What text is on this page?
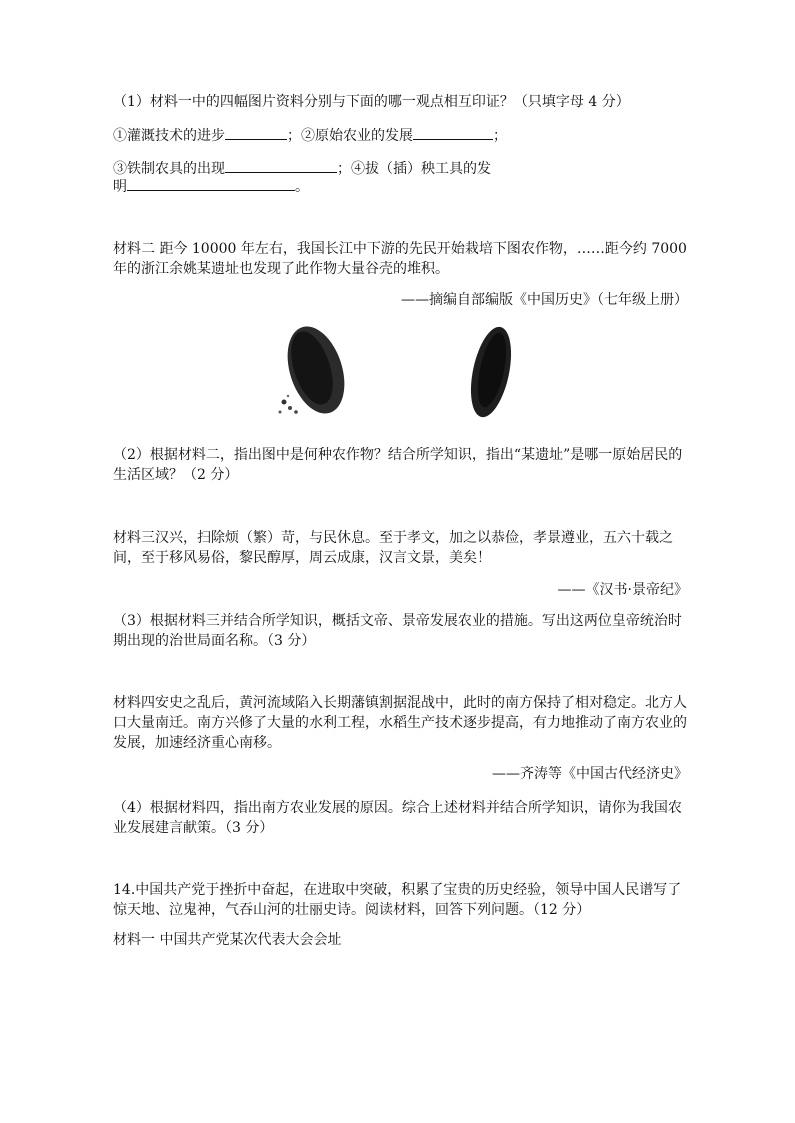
（1）材料一中的四幅图片资料分别与下面的哪一观点相互印证？（只填字母 4 分）
①灌溉技术的进步	；②原始农业的发展	；
③铁制农具的出现	；④拔（插）秧工具的发
明	。
材料二 距今 10000 年左右，我国长江中下游的先民开始栽培下图农作物，……距今约 7000 年的浙江余姚某遗址也发现了此作物大量谷壳的堆积。
——摘编自部编版《中国历史》（七年级上册）
（2）根据材料二，指出图中是何种农作物？结合所学知识，指出“某遗址”是哪一原始居民的生活区域？（2 分）
材料三汉兴，扫除烦（繁）苛，与民休息。至于孝文，加之以恭俭，孝景遵业，五六十载之间，至于移风易俗，黎民醇厚，周云成康，汉言文景，美矣！
——《汉书·景帝纪》
（3）根据材料三并结合所学知识，概括文帝、景帝发展农业的措施。写出这两位皇帝统治时期出现的治世局面名称。（3 分）
材料四安史之乱后，黄河流域陷入长期藩镇割据混战中，此时的南方保持了相对稳定。北方人口大量南迁。南方兴修了大量的水利工程，水稻生产技术逐步提高，有力地推动了南方农业的发展，加速经济重心南移。
——齐涛等《中国古代经济史》
（4）根据材料四，指出南方农业发展的原因。综合上述材料并结合所学知识，请你为我国农业发展建言献策。（3 分）
14.中国共产党于挫折中奋起，在进取中突破，积累了宝贵的历史经验，领导中国人民谱写了惊天地、泣鬼神，气吞山河的壮丽史诗。阅读材料，回答下列问题。（12 分）
材料一 中国共产党某次代表大会会址
